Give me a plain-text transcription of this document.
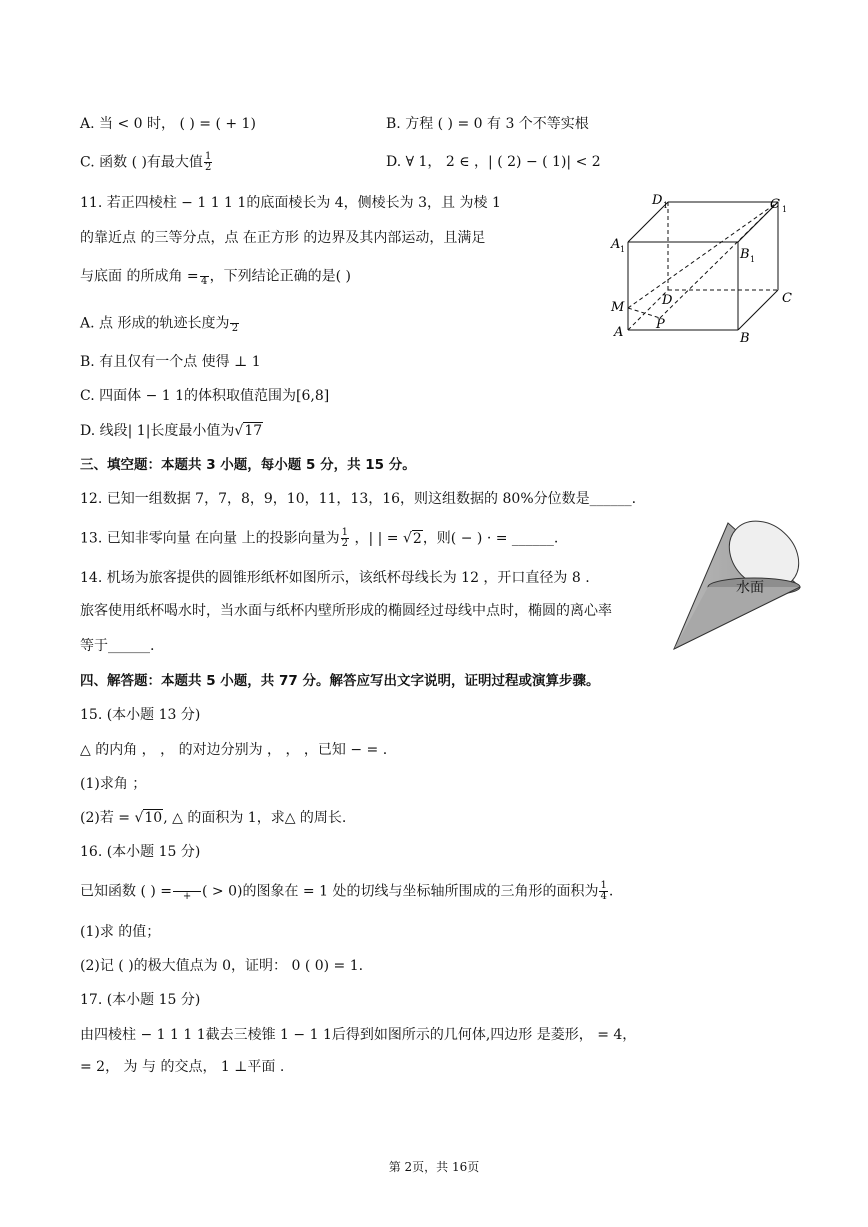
A. 当 < 0 时， ( ) = ( + 1)	B. 方程 ( ) = 0 有 3 个不等实根
C. 函数 ( )有最大值 $\frac{1}{2}$	D. ∀ 1， 2 ∈ ，| ( 2) − ( 1)| < 2
11. 若正四棱柱 − 1 1 1 1的底面棱长为 4，侧棱长为 3，且 为棱 1
的靠近点 的三等分点，点 在正方形 的边界及其内部运动，且满足
与底面 的所成角 =
4 ，下列结论正确的是( )
A. 点 形成的轨迹长度为
2
B. 有且仅有一个点 使得 ⊥ 1
C. 四面体 − 1 1的体积取值范围为[6,8]
D. 线段| 1|长度最小值为√17
D 1	C 1
A 1	B 1
M	D	C
A
P
B
三、填空题：本题共 3 小题，每小题 5 分，共 15 分。
12. 已知一组数据 7，7，8，9，10，11，13，16，则这组数据的 80%分位数是______.
13. 已知非零向量 在向量 上的投影向量为 $\frac{1}{2}$ ，| | = √2，则( − ) · = ______.
14. 机场为旅客提供的圆锥形纸杯如图所示，该纸杯母线长为 12 ，开口直径为 8 .
旅客使用纸杯喝水时，当水面与纸杯内壁所形成的椭圆经过母线中点时，椭圆的离心率
等于______.
水面
四、解答题：本题共 5 小题，共 77 分。解答应写出文字说明，证明过程或演算步骤。
15. (本小题 13 分)
△ 的内角 ， ， 的对边分别为 ， ， ，已知 − = .
(1)求角 ；
(2)若 = √10, △ 的面积为 1，求△ 的周长.
16. (本小题 15 分)
已知函数 ( ) =
	+ ( > 0)的图象在 = 1 处的切线与坐标轴所围成的三角形的面积为 $\frac{1}{4}$ .
(1)求 的值；
(2)记 ( )的极大值点为 0，证明： 0 ( 0) = 1.
17. (本小题 15 分)
由四棱柱 − 1 1 1 1截去三棱锥 1 − 1 1后得到如图所示的几何体,四边形 是菱形， = 4，
= 2， 为 与 的交点， 1 ⊥平面 .
第 2页，共 16页
